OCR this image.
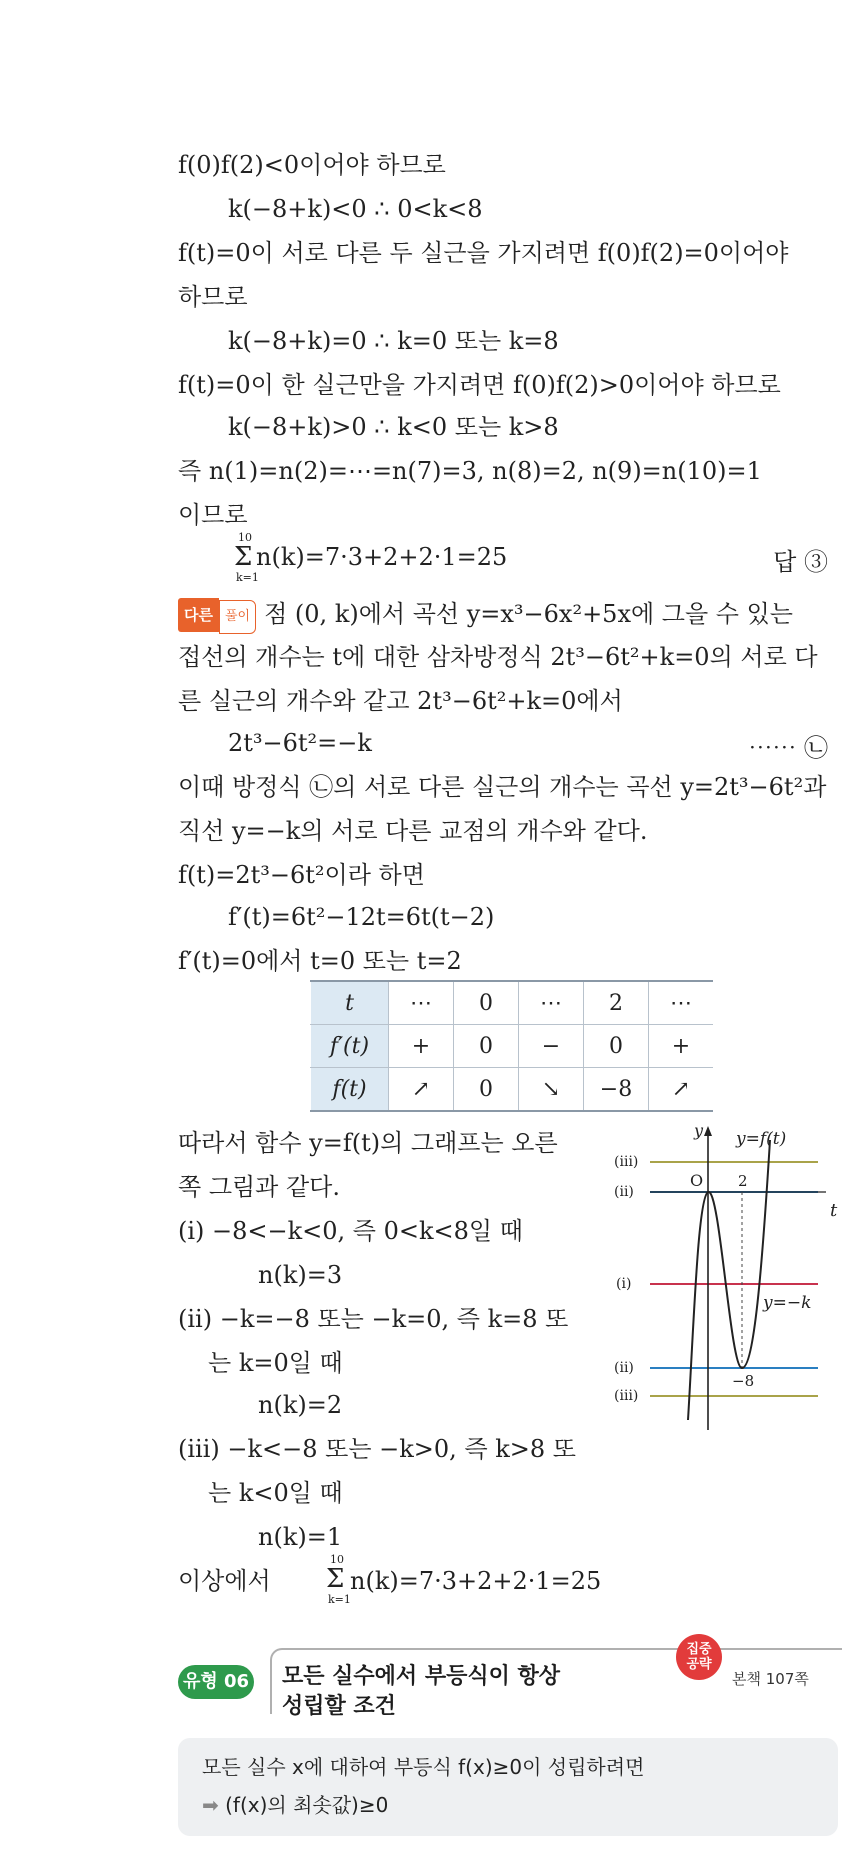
f(0)f(2)<0이어야 하므로
k(−8+k)<0 ∴ 0<k<8
f(t)=0이 서로 다른 두 실근을 가지려면 f(0)f(2)=0이어야
하므로
k(−8+k)=0 ∴ k=0 또는 k=8
f(t)=0이 한 실근만을 가지려면 f(0)f(2)>0이어야 하므로
k(−8+k)>0 ∴ k<0 또는 k>8
즉 n(1)=n(2)=⋯=n(7)=3, n(8)=2, n(9)=n(10)=1
이므로
10
Σ
k=1
n(k)=7·3+2+2·1=25	답 ③
다른 풀이 점 (0, k)에서 곡선 y=x³−6x²+5x에 그을 수 있는
접선의 개수는 t에 대한 삼차방정식 2t³−6t²+k=0의 서로 다
른 실근의 개수와 같고 2t³−6t²+k=0에서
2t³−6t²=−k	⋯⋯ ㉡
이때 방정식 ㉡의 서로 다른 실근의 개수는 곡선 y=2t³−6t²과
직선 y=−k의 서로 다른 교점의 개수와 같다.
f(t)=2t³−6t²이라 하면
f′(t)=6t²−12t=6t(t−2)
f′(t)=0에서 t=0 또는 t=2
t	⋯	0	⋯	2	⋯
f′(t)	+	0	−	0	+
f(t)	↗	0	↘	−8	↗
따라서 함수 y=f(t)의 그래프는 오른
쪽 그림과 같다.
(ⅰ) −8<−k<0, 즉 0<k<8일 때
n(k)=3
(ⅱ) −k=−8 또는 −k=0, 즉 k=8 또
는 k=0일 때
n(k)=2
(ⅲ) −k<−8 또는 −k>0, 즉 k>8 또
는 k<0일 때
n(k)=1
이상에서
10
Σ
k=1
n(k)=7·3+2+2·1=25
y
t
O 2
y=f(t)
y=−k
−8
(ⅲ)
(ⅱ)
(ⅰ)
(ⅱ)
(ⅲ)
유형 06 모든 실수에서 부등식이 항상
성립할 조건
집중
공략
본책 107쪽
모든 실수 x에 대하여 부등식 f(x)≥0이 성립하려면
➡ (f(x)의 최솟값)≥0
